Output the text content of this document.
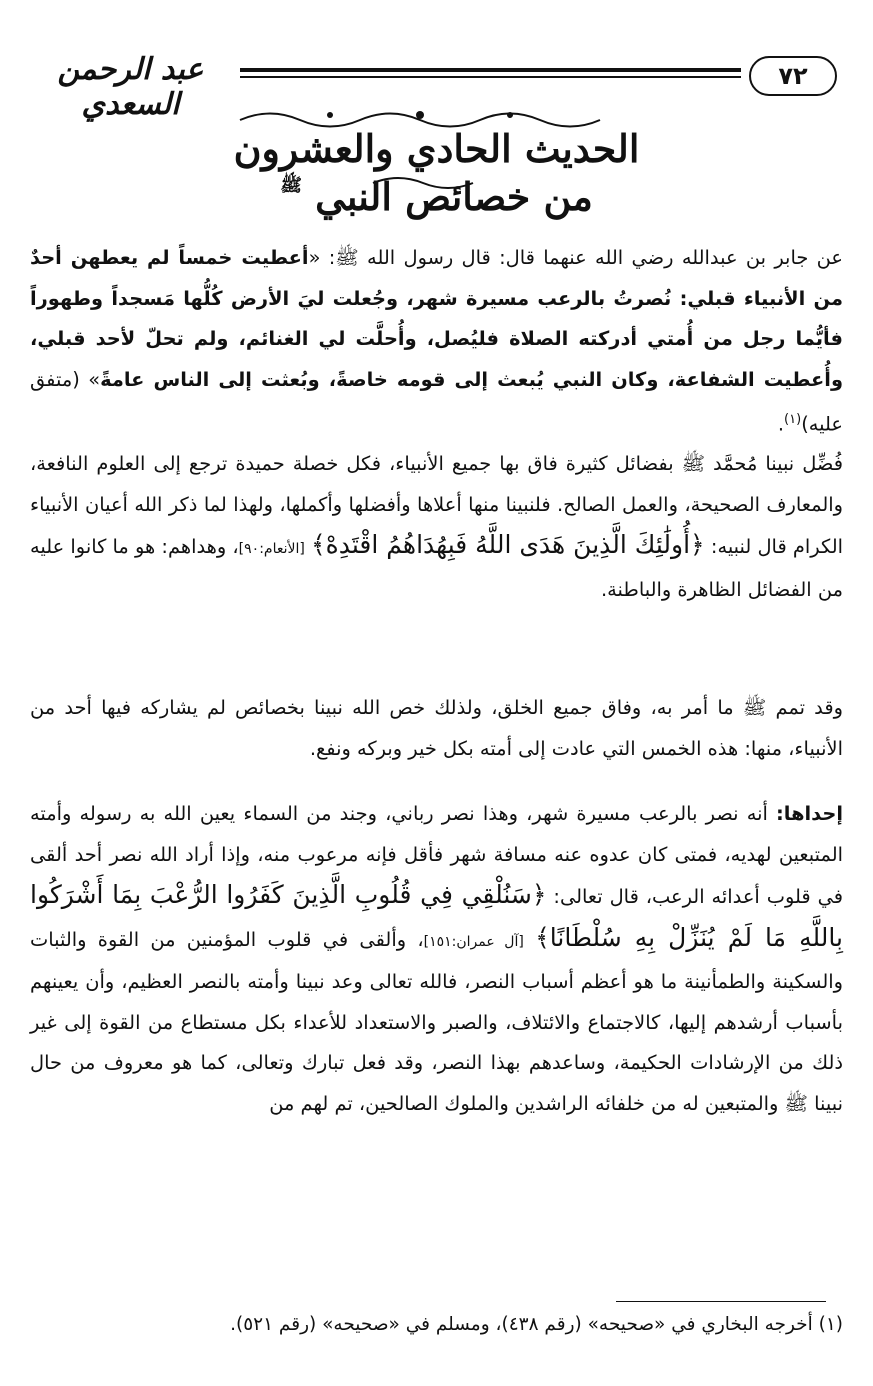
عبد الرحمن السعدي
٧٢
الحديث الحادي والعشرون
من خصائص النبي $^ﷺ$
عن جابر بن عبدالله رضي الله عنهما قال: قال رسول الله ﷺ: «أعطيت خمساً لم يعطهن أحدٌ من الأنبياء قبلي: نُصرتُ بالرعب مسيرة شهر، وجُعلت ليَ الأرض كُلُّها مَسجداً وطهوراً فأيُّما رجل من أُمتي أدركته الصلاة فليُصل، وأُحلَّت لي الغنائم، ولم تحلّ لأحد قبلي، وأُعطيت الشفاعة، وكان النبي يُبعث إلى قومه خاصةً، وبُعثت إلى الناس عامةً» (متفق عليه)$^{(١)}$.
فُضِّل نبينا مُحمَّد ﷺ بفضائل كثيرة فاق بها جميع الأنبياء، فكل خصلة حميدة ترجع إلى العلوم النافعة، والمعارف الصحيحة، والعمل الصالح. فلنبينا منها أعلاها وأفضلها وأكملها، ولهذا لما ذكر الله أعيان الأنبياء الكرام قال لنبيه: ﴿أُولَٰئِكَ الَّذِينَ هَدَى اللَّهُ فَبِهُدَاهُمُ اقْتَدِهْ﴾ [الأنعام:٩٠]، وهداهم: هو ما كانوا عليه من الفضائل الظاهرة والباطنة.
وقد تمم ﷺ ما أمر به، وفاق جميع الخلق، ولذلك خص الله نبينا بخصائص لم يشاركه فيها أحد من الأنبياء، منها: هذه الخمس التي عادت إلى أمته بكل خير وبركه ونفع.
إحداها: أنه نصر بالرعب مسيرة شهر، وهذا نصر رباني، وجند من السماء يعين الله به رسوله وأمته المتبعين لهديه، فمتى كان عدوه عنه مسافة شهر فأقل فإنه مرعوب منه، وإذا أراد الله نصر أحد ألقى في قلوب أعدائه الرعب، قال تعالى: ﴿سَنُلْقِي فِي قُلُوبِ الَّذِينَ كَفَرُوا الرُّعْبَ بِمَا أَشْرَكُوا بِاللَّهِ مَا لَمْ يُنَزِّلْ بِهِ سُلْطَانًا﴾ [آل عمران:١٥١]، وألقى في قلوب المؤمنين من القوة والثبات والسكينة والطمأنينة ما هو أعظم أسباب النصر، فالله تعالى وعد نبينا وأمته بالنصر العظيم، وأن يعينهم بأسباب أرشدهم إليها، كالاجتماع والائتلاف، والصبر والاستعداد للأعداء بكل مستطاع من القوة إلى غير ذلك من الإرشادات الحكيمة، وساعدهم بهذا النصر، وقد فعل تبارك وتعالى، كما هو معروف من حال نبينا ﷺ والمتبعين له من خلفائه الراشدين والملوك الصالحين، تم لهم من
(١) أخرجه البخاري في «صحيحه» (رقم ٤٣٨)، ومسلم في «صحيحه» (رقم ٥٢١).
